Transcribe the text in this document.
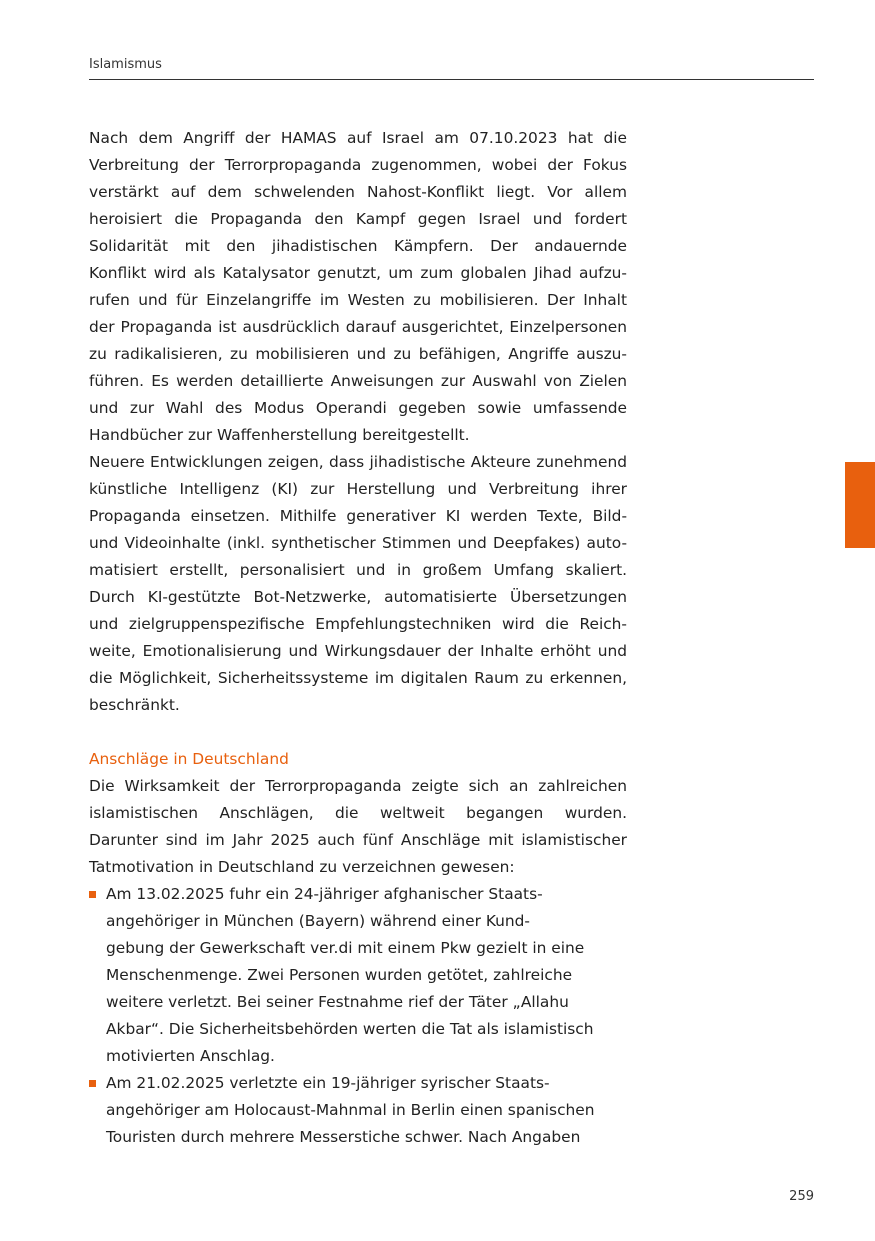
Islamismus
Nach dem Angriff der HAMAS auf Israel am 07.10.2023 hat die
Verbreitung der Terrorpropaganda zugenommen, wobei der Fokus
verstärkt auf dem schwelenden Nahost-Konflikt liegt. Vor allem
heroisiert die Propaganda den Kampf gegen Israel und fordert
Solidarität mit den jihadistischen Kämpfern. Der andauernde
Konflikt wird als Katalysator genutzt, um zum globalen Jihad aufzu-
rufen und für Einzelangriffe im Westen zu mobilisieren. Der Inhalt
der Propaganda ist ausdrücklich darauf ausgerichtet, Einzelpersonen
zu radikalisieren, zu mobilisieren und zu befähigen, Angriffe auszu-
führen. Es werden detaillierte Anweisungen zur Auswahl von Zielen
und zur Wahl des Modus Operandi gegeben sowie umfassende
Handbücher zur Waffenherstellung bereitgestellt.
Neuere Entwicklungen zeigen, dass jihadistische Akteure zunehmend
künstliche Intelligenz (KI) zur Herstellung und Verbreitung ihrer
Propaganda einsetzen. Mithilfe generativer KI werden Texte, Bild-
und Videoinhalte (inkl. synthetischer Stimmen und Deepfakes) auto-
matisiert erstellt, personalisiert und in großem Umfang skaliert.
Durch KI-gestützte Bot-Netzwerke, automatisierte Übersetzungen
und zielgruppenspezifische Empfehlungstechniken wird die Reich-
weite, Emotionalisierung und Wirkungsdauer der Inhalte erhöht und
die Möglichkeit, Sicherheitssysteme im digitalen Raum zu erkennen,
beschränkt.
Anschläge in Deutschland
Die Wirksamkeit der Terrorpropaganda zeigte sich an zahlreichen
islamistischen Anschlägen, die weltweit begangen wurden.
Darunter sind im Jahr 2025 auch fünf Anschläge mit islamistischer
Tatmotivation in Deutschland zu verzeichnen gewesen:
Am 13.02.2025 fuhr ein 24-jähriger afghanischer Staats-
angehöriger in München (Bayern) während einer Kund-
gebung der Gewerkschaft ver.di mit einem Pkw gezielt in eine
Menschenmenge. Zwei Personen wurden getötet, zahlreiche
weitere verletzt. Bei seiner Festnahme rief der Täter „Allahu
Akbar“. Die Sicherheitsbehörden werten die Tat als islamistisch
motivierten Anschlag.
Am 21.02.2025 verletzte ein 19-jähriger syrischer Staats-
angehöriger am Holocaust-Mahnmal in Berlin einen spanischen
Touristen durch mehrere Messerstiche schwer. Nach Angaben
259
